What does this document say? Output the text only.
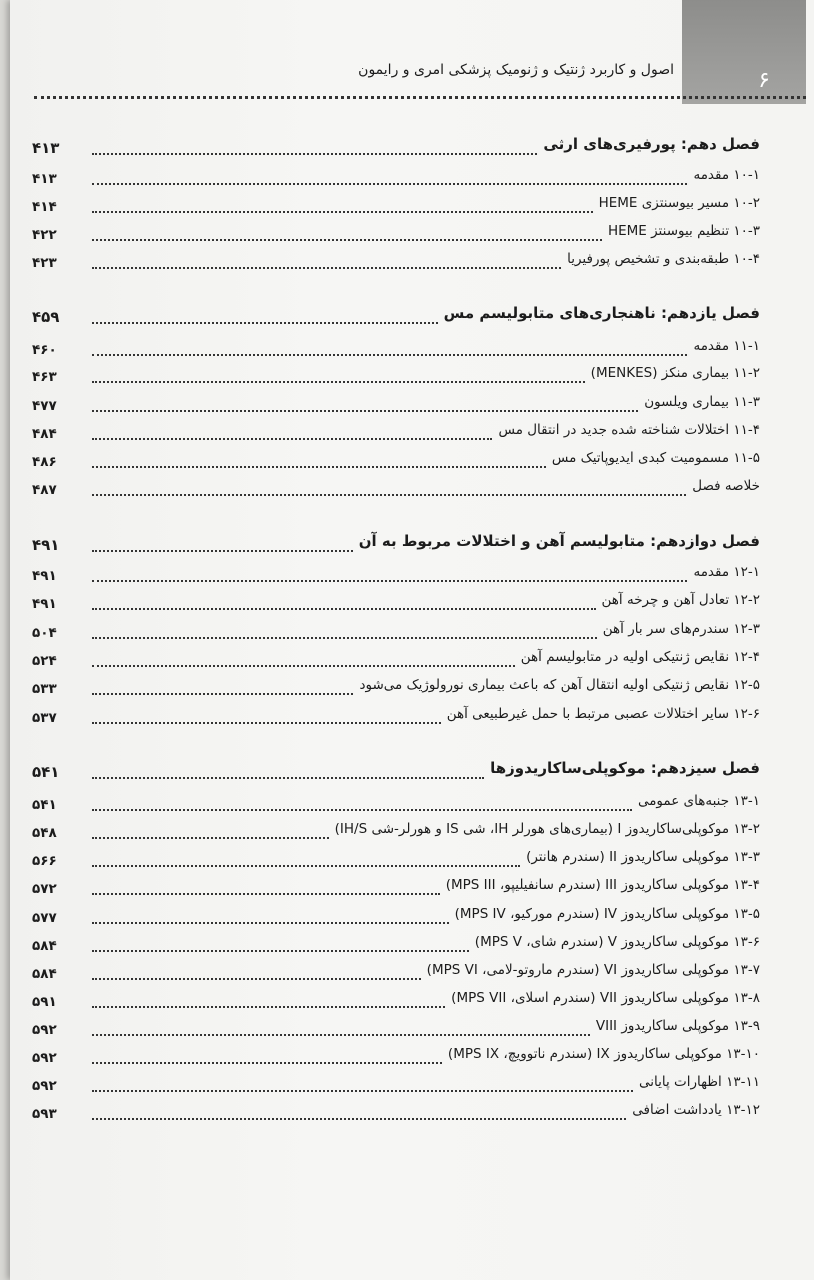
۶
اصول و کاربرد ژنتیک و ژنومیک پزشکی امری و رایمون
فصل دهم: پورفیری‌های ارثی
۴۱۳
۱۰-۱ مقدمه
۴۱۳
۱۰-۲ مسیر بیوسنتزی HEME
۴۱۴
۱۰-۳ تنظیم بیوسنتز HEME
۴۲۲
۱۰-۴ طبقه‌بندی و تشخیص پورفیریا
۴۲۳
فصل یازدهم: ناهنجاری‌های متابولیسم مس
۴۵۹
۱۱-۱ مقدمه
۴۶۰
۱۱-۲ بیماری منکز (MENKES)
۴۶۳
۱۱-۳ بیماری ویلسون
۴۷۷
۱۱-۴ اختلالات شناخته شده جدید در انتقال مس
۴۸۴
۱۱-۵ مسمومیت کبدی ایدیوپاتیک مس
۴۸۶
خلاصه فصل
۴۸۷
فصل دوازدهم: متابولیسم آهن و اختلالات مربوط به آن
۴۹۱
۱۲-۱ مقدمه
۴۹۱
۱۲-۲ تعادل آهن و چرخه آهن
۴۹۱
۱۲-۳ سندرم‌های سر بار آهن
۵۰۴
۱۲-۴ نقایص ژنتیکی اولیه در متابولیسم آهن
۵۲۴
۱۲-۵ نقایص ژنتیکی اولیه انتقال آهن که باعث بیماری نورولوژیک می‌شود
۵۳۳
۱۲-۶ سایر اختلالات عصبی مرتبط با حمل غیرطبیعی آهن
۵۳۷
فصل سیزدهم: موکوپلی‌ساکاریدوزها
۵۴۱
۱۳-۱ جنبه‌های عمومی
۵۴۱
۱۳-۲ موکوپلی‌ساکاریدوز I (بیماری‌های هورلر IH، شی IS و هورلر-شی IH/S)
۵۴۸
۱۳-۳ موکوپلی ساکاریدوز II (سندرم هانتر)
۵۶۶
۱۳-۴ موکوپلی ساکاریدوز III (سندرم سانفیلیپو، MPS III)
۵۷۲
۱۳-۵ موکوپلی ساکاریدوز IV (سندرم مورکیو، MPS IV)
۵۷۷
۱۳-۶ موکوپلی ساکاریدوز V (سندرم شای، MPS V)
۵۸۴
۱۳-۷ موکوپلی ساکاریدوز VI (سندرم ماروتو-لامی، MPS VI)
۵۸۴
۱۳-۸ موکوپلی ساکاریدوز VII (سندرم اسلای، MPS VII)
۵۹۱
۱۳-۹ موکوپلی ساکاریدوز VIII
۵۹۲
۱۳-۱۰ موکوپلی ساکاریدوز IX (سندرم ناتوویچ، MPS IX)
۵۹۲
۱۳-۱۱ اظهارات پایانی
۵۹۲
۱۳-۱۲ یادداشت اضافی
۵۹۳
